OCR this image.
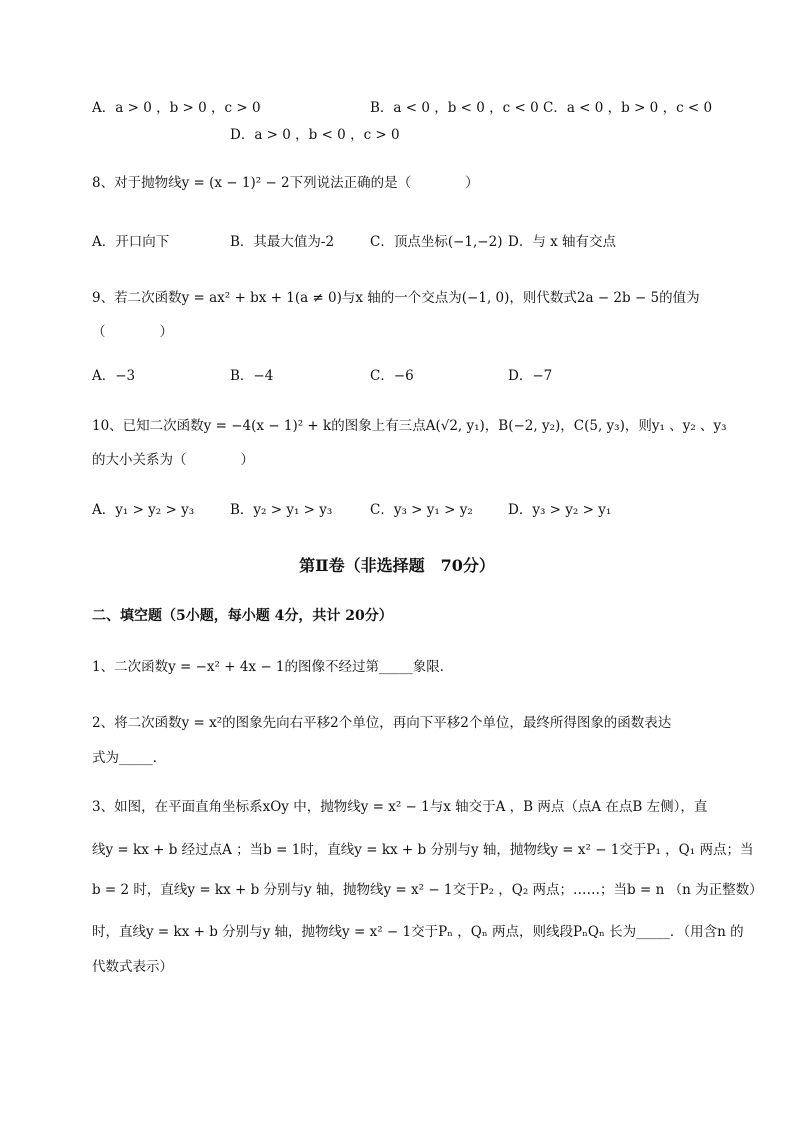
A．a > 0 ，b > 0 ，c > 0	B．a < 0 ，b < 0 ，c < 0 C．a < 0 ，b > 0 ，c < 0
D．a > 0 ，b < 0 ，c > 0
8、对于抛物线y = (x − 1)² − 2下列说法正确的是（　　　　）
A．开口向下	B．其最大值为-2	C．顶点坐标(−1,−2) D．与 x 轴有交点
9、若二次函数y = ax² + bx + 1(a ≠ 0)与x 轴的一个交点为(−1, 0)，则代数式2a − 2b − 5的值为
（　　　　）
A．−3	B．−4	C．−6	D．−7
10、已知二次函数y = −4(x − 1)² + k的图象上有三点A(√2, y₁)，B(−2, y₂)，C(5, y₃)，则y₁ 、y₂ 、y₃
的大小关系为（　　　　）
A．y₁ > y₂ > y₃	B．y₂ > y₁ > y₃	C．y₃ > y₁ > y₂	D．y₃ > y₂ > y₁
第Ⅱ卷（非选择题　70分）
二、填空题（5小题，每小题 4分，共计 20分）
1、二次函数y = −x² + 4x − 1的图像不经过第_____象限．
2、将二次函数y = x²的图象先向右平移2个单位，再向下平移2个单位，最终所得图象的函数表达
式为_____．
3、如图，在平面直角坐标系xOy 中，抛物线y = x² − 1与x 轴交于A ，B 两点（点A 在点B 左侧），直
线y = kx + b 经过点A ；当b = 1时，直线y = kx + b 分别与y 轴，抛物线y = x² − 1交于P₁ ，Q₁ 两点；当
b = 2 时，直线y = kx + b 分别与y 轴，抛物线y = x² − 1交于P₂ ，Q₂ 两点；……；当b = n （n 为正整数）
时，直线y = kx + b 分别与y 轴，抛物线y = x² − 1交于Pₙ ，Qₙ 两点，则线段PₙQₙ 长为_____．（用含n 的
代数式表示）
